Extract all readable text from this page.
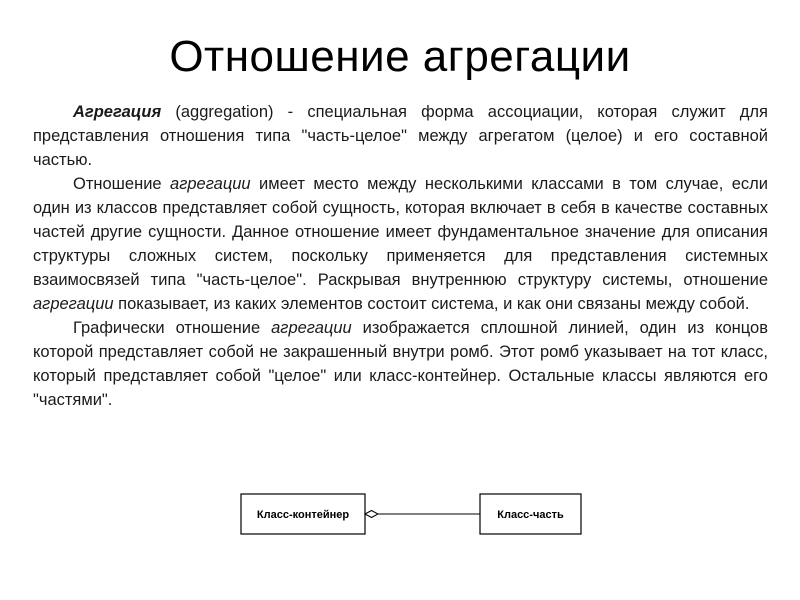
Отношение агрегации

Агрегация (aggregation) - специальная форма ассоциации, которая служит для представления отношения типа "часть-целое" между агрегатом (целое) и его составной частью.

Отношение агрегации имеет место между несколькими классами в том случае, если один из классов представляет собой сущность, которая включает в себя в качестве составных частей другие сущности. Данное отношение имеет фундаментальное значение для описания структуры сложных систем, поскольку применяется для представления системных взаимосвязей типа "часть-целое". Раскрывая внутреннюю структуру системы, отношение агрегации показывает, из каких элементов состоит система, и как они связаны между собой.

Графически отношение агрегации изображается сплошной линией, один из концов которой представляет собой не закрашенный внутри ромб. Этот ромб указывает на тот класс, который представляет собой "целое" или класс-контейнер. Остальные классы являются его "частями".

Класс-контейнер	Класс-часть
